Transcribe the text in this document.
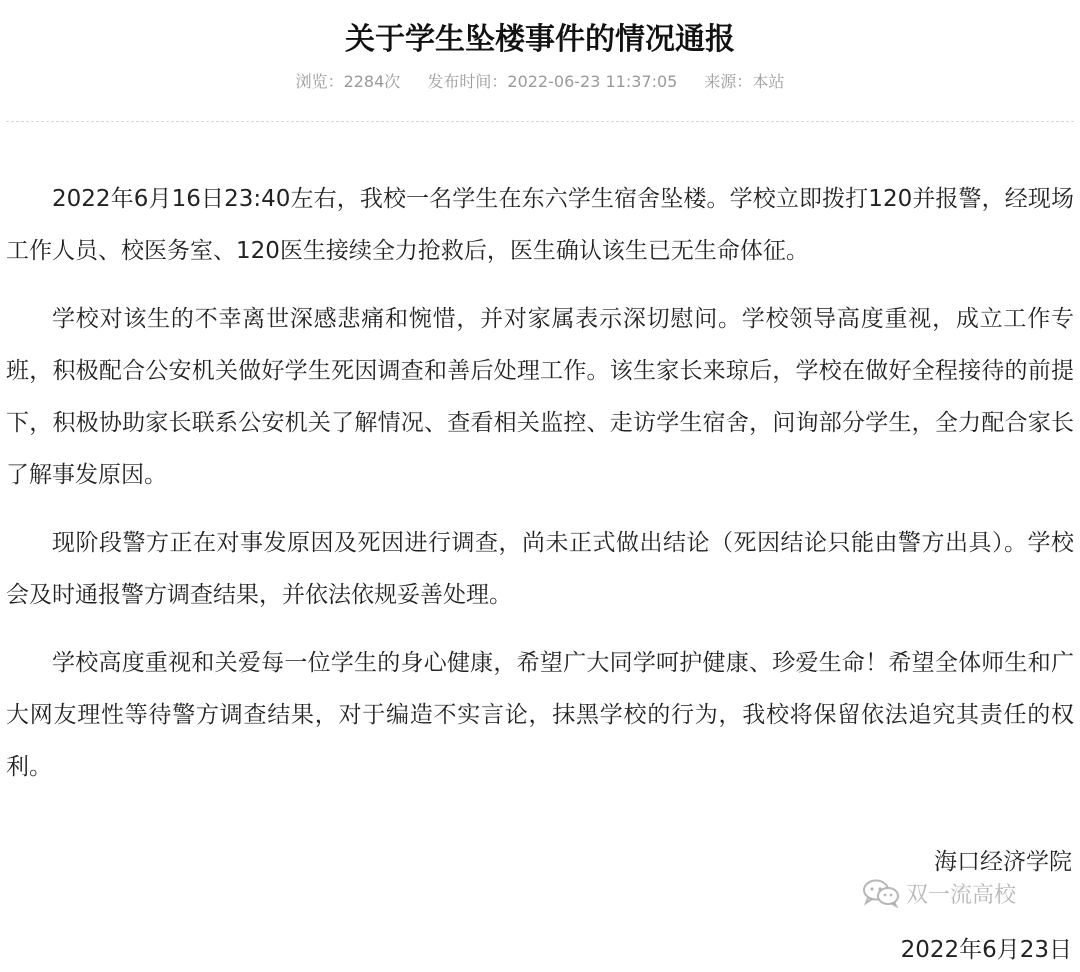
关于学生坠楼事件的情况通报
浏览：2284次 发布时间：2022-06-23 11:37:05 来源：本站

2022年6月16日23:40左右，我校一名学生在东六学生宿舍坠楼。学校立即拨打120并报警，经现场工作人员、校医务室、120医生接续全力抢救后，医生确认该生已无生命体征。

学校对该生的不幸离世深感悲痛和惋惜，并对家属表示深切慰问。学校领导高度重视，成立工作专班，积极配合公安机关做好学生死因调查和善后处理工作。该生家长来琼后，学校在做好全程接待的前提下，积极协助家长联系公安机关了解情况、查看相关监控、走访学生宿舍，问询部分学生，全力配合家长了解事发原因。

现阶段警方正在对事发原因及死因进行调查，尚未正式做出结论（死因结论只能由警方出具）。学校会及时通报警方调查结果，并依法依规妥善处理。

学校高度重视和关爱每一位学生的身心健康，希望广大同学呵护健康、珍爱生命！希望全体师生和广大网友理性等待警方调查结果，对于编造不实言论，抹黑学校的行为，我校将保留依法追究其责任的权利。

海口经济学院
2022年6月23日
双一流高校
